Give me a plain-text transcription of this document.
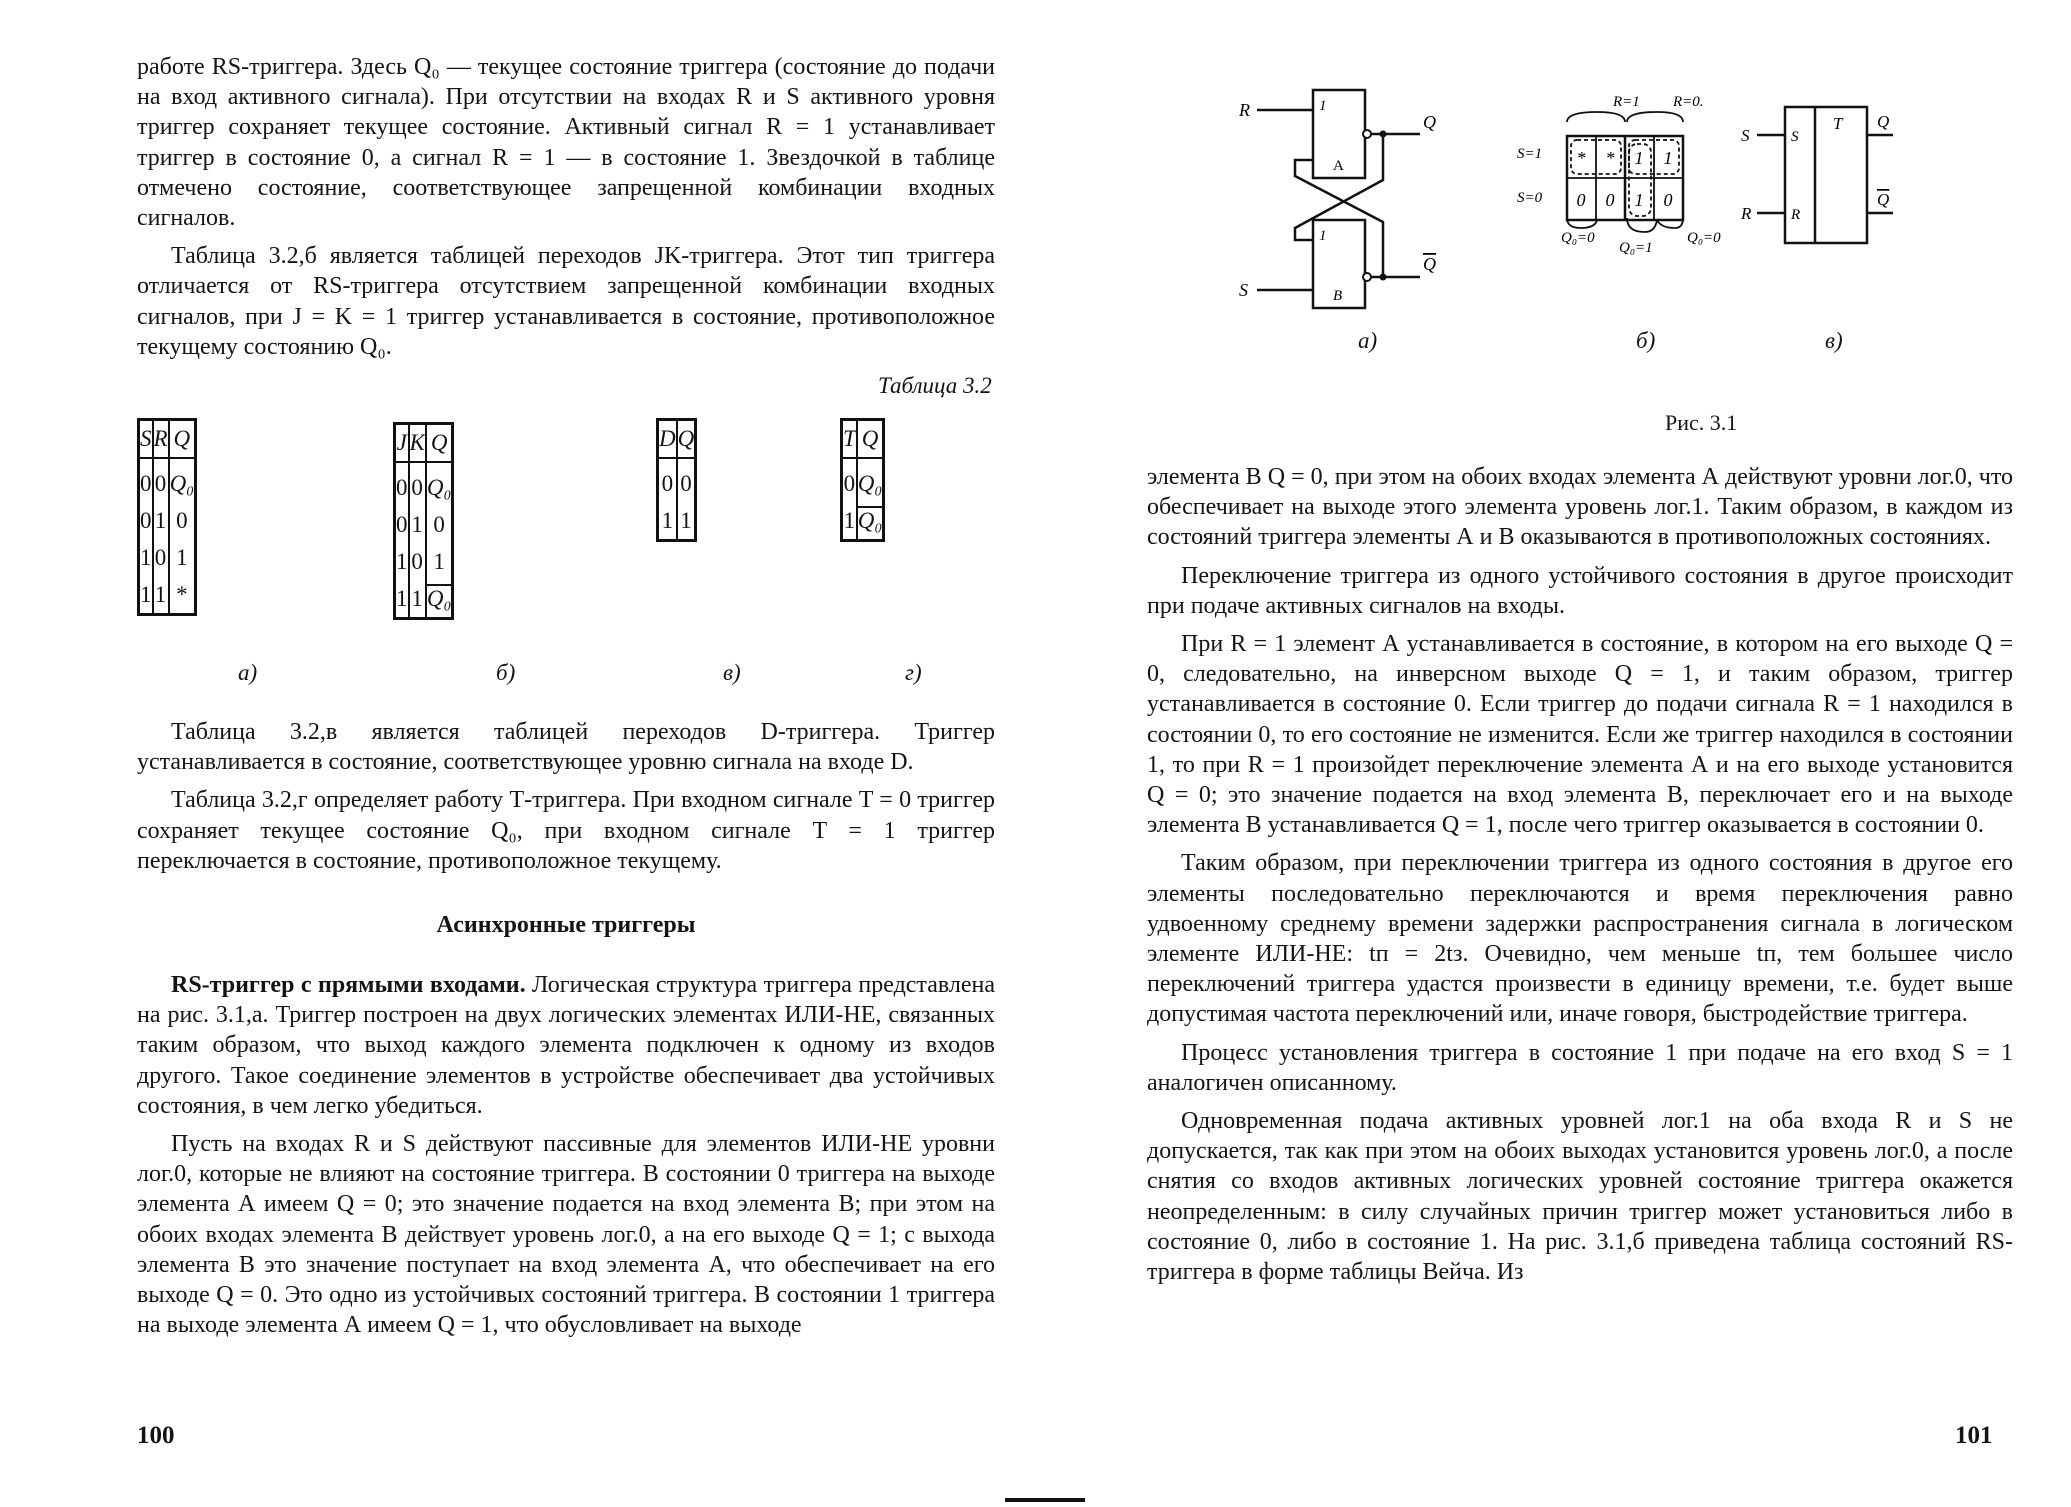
работе RS-триггера. Здесь Q₀ — текущее состояние триггера (состояние до подачи на вход активного сигнала). При отсутствии на входах R и S активного уровня триггер сохраняет текущее состояние. Активный сигнал R = 1 устанавливает триггер в состояние 0, а сигнал R = 1 — в состояние 1. Звездочкой в таблице отмечено состояние, соответствующее запрещенной комбинации входных сигналов.

Таблица 3.2,б является таблицей переходов JK-триггера. Этот тип триггера отличается от RS-триггера отсутствием запрещенной комбинации входных сигналов, при J = K = 1 триггер устанавливается в состояние, противоположное текущему состоянию Q₀.

Таблица 3.2
S	R	Q
0	0	Q₀
0	1	0
1	0	1
1	1	*
J	K	Q
0	0	Q₀
0	1	0
1	0	1
1	1	Q₀
D	Q
0	0
1	1
T	Q
0	Q₀
1	Q₀
а)	б)	в)	г)

Таблица 3.2,в является таблицей переходов D-триггера. Триггер устанавливается в состояние, соответствующее уровню сигнала на входе D.

Таблица 3.2,г определяет работу Т-триггера. При входном сигнале T = 0 триггер сохраняет текущее состояние Q₀, при входном сигнале T = 1 триггер переключается в состояние, противоположное текущему.

Асинхронные триггеры

RS-триггер с прямыми входами. Логическая структура триггера представлена на рис. 3.1,а. Триггер построен на двух логических элементах ИЛИ-НЕ, связанных таким образом, что выход каждого элемента подключен к одному из входов другого. Такое соединение элементов в устройстве обеспечивает два устойчивых состояния, в чем легко убедиться.

Пусть на входах R и S действуют пассивные для элементов ИЛИ-НЕ уровни лог.0, которые не влияют на состояние триггера. В состоянии 0 триггера на выходе элемента А имеем Q = 0; это значение подается на вход элемента В; при этом на обоих входах элемента В действует уровень лог.0, а на его выходе Q = 1; с выхода элемента В это значение поступает на вход элемента А, что обеспечивает на его выходе Q = 0. Это одно из устойчивых состояний триггера. В состоянии 1 триггера на выходе элемента А имеем Q = 1, что обусловливает на выходе

100
R
S
Q
Q
1
1
A
B
R=1 R=0.
S=1
S=0
Q₀=0
Q₀=1
Q₀=0
* * 1 1
0 0 1 0
S
R
S
R
T Q
Q
а)	б)	в)
Рис. 3.1

элемента В Q = 0, при этом на обоих входах элемента А действуют уровни лог.0, что обеспечивает на выходе этого элемента уровень лог.1. Таким образом, в каждом из состояний триггера элементы А и В оказываются в противоположных состояниях.

Переключение триггера из одного устойчивого состояния в другое происходит при подаче активных сигналов на входы.

При R = 1 элемент А устанавливается в состояние, в котором на его выходе Q = 0, следовательно, на инверсном выходе Q = 1, и таким образом, триггер устанавливается в состояние 0. Если триггер до подачи сигнала R = 1 находился в состоянии 0, то его состояние не изменится. Если же триггер находился в состоянии 1, то при R = 1 произойдет переключение элемента А и на его выходе установится Q = 0; это значение подается на вход элемента В, переключает его и на выходе элемента В устанавливается Q = 1, после чего триггер оказывается в состоянии 0.

Таким образом, при переключении триггера из одного состояния в другое его элементы последовательно переключаются и время переключения равно удвоенному среднему времени задержки распространения сигнала в логическом элементе ИЛИ-НЕ: tп = 2tз. Очевидно, чем меньше tп, тем большее число переключений триггера удастся произвести в единицу времени, т.е. будет выше допустимая частота переключений или, иначе говоря, быстродействие триггера.

Процесс установления триггера в состояние 1 при подаче на его вход S = 1 аналогичен описанному.

Одновременная подача активных уровней лог.1 на оба входа R и S не допускается, так как при этом на обоих выходах установится уровень лог.0, а после снятия со входов активных логических уровней состояние триггера окажется неопределенным: в силу случайных причин триггер может установиться либо в состояние 0, либо в состояние 1. На рис. 3.1,б приведена таблица состояний RS-триггера в форме таблицы Вейча. Из

101
